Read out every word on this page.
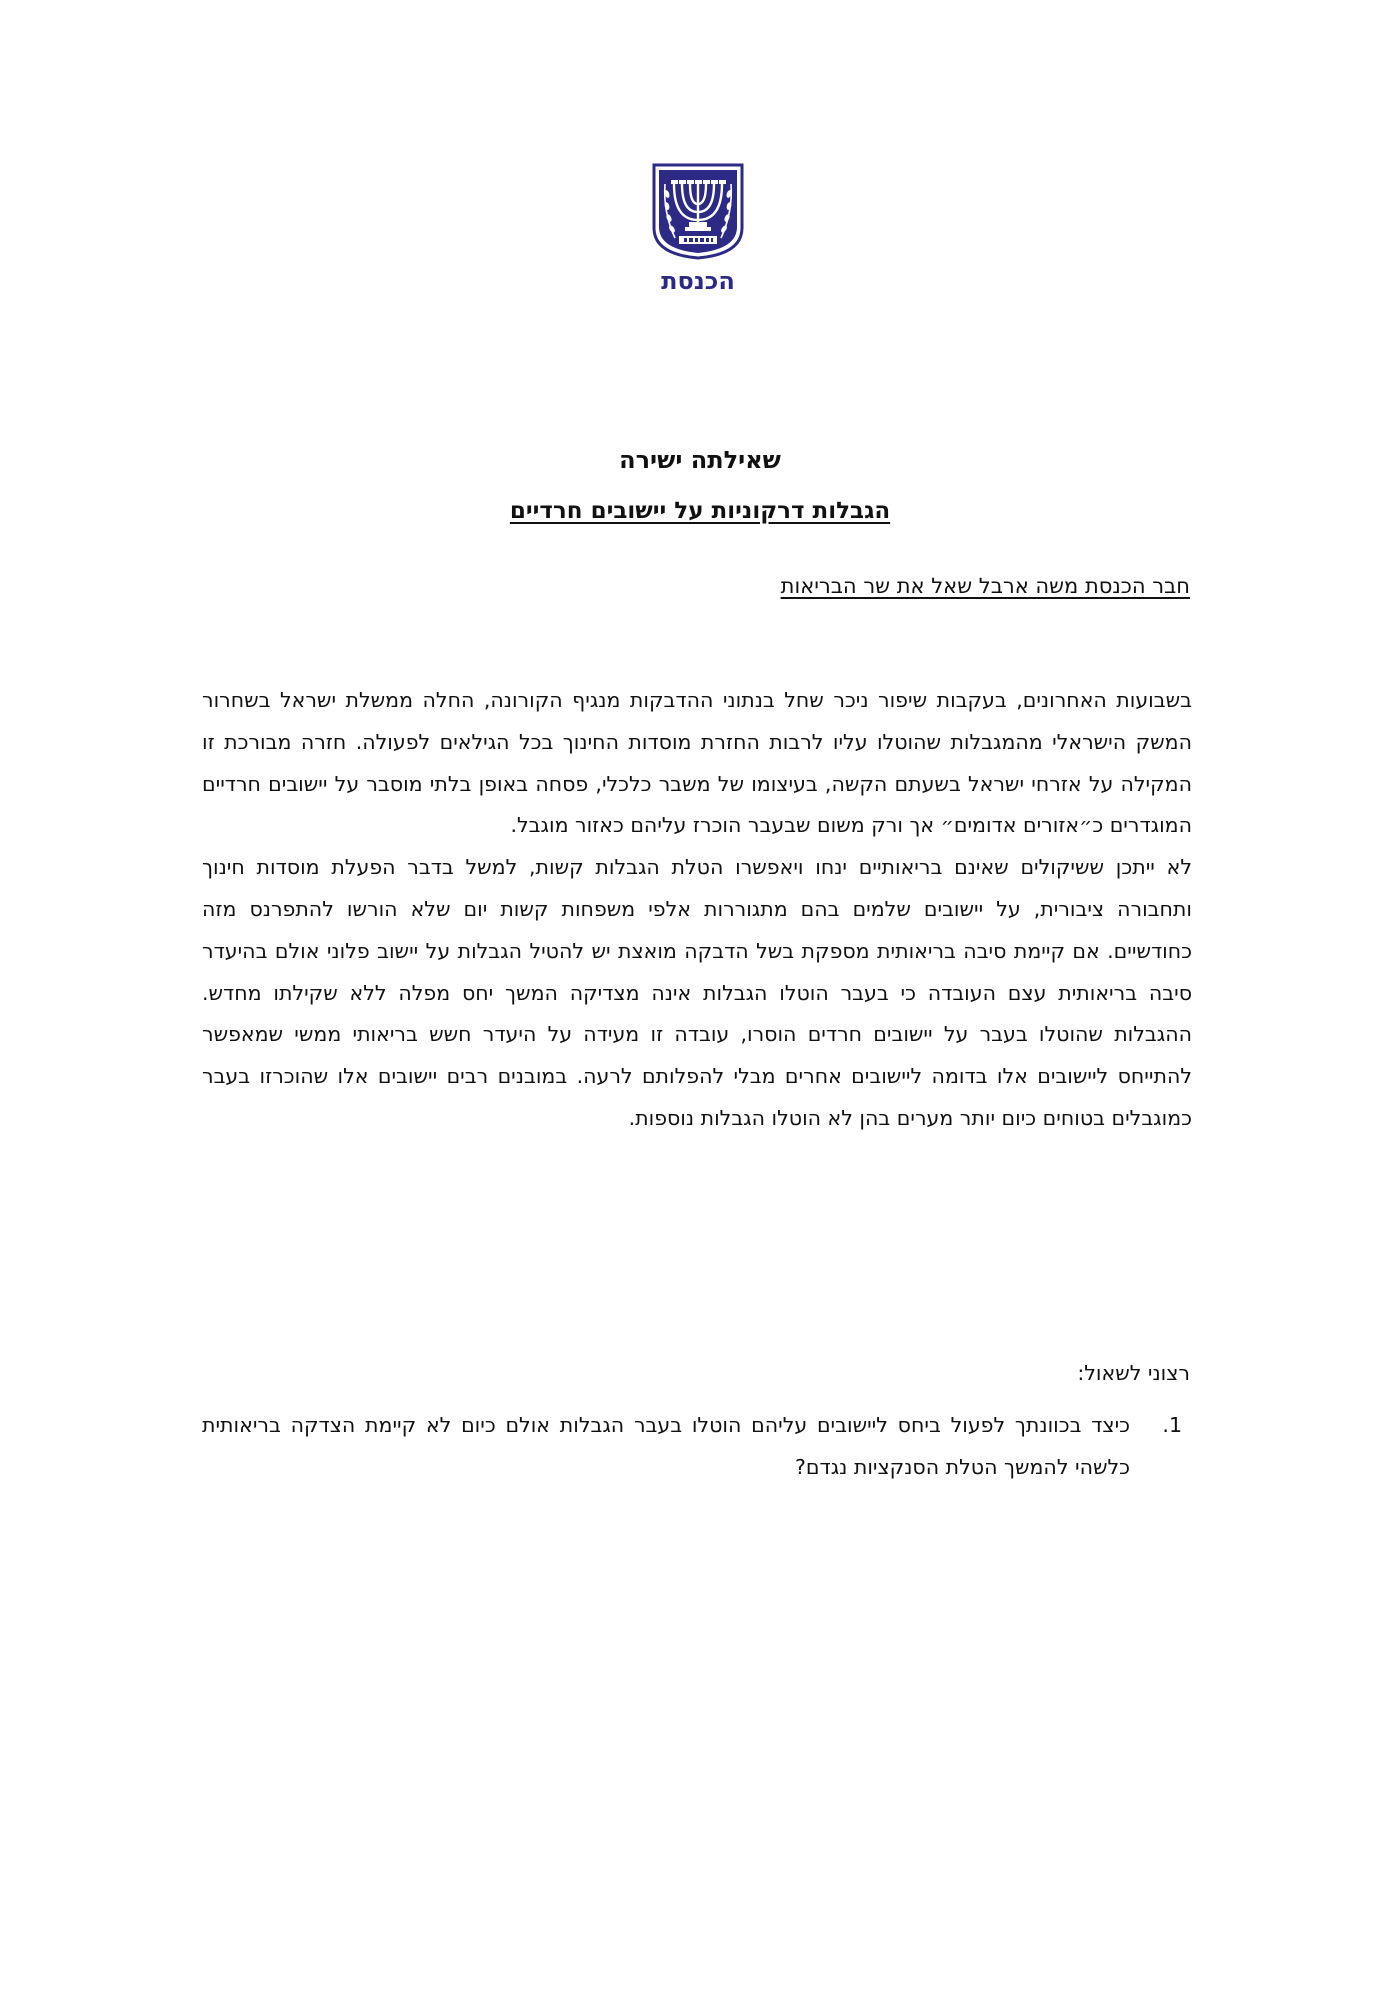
הכנסת
שאילתה ישירה
הגבלות דרקוניות על יישובים חרדיים
חבר הכנסת משה ארבל שאל את שר הבריאות

בשבועות האחרונים, בעקבות שיפור ניכר שחל בנתוני ההדבקות מנגיף הקורונה, החלה ממשלת ישראל בשחרור המשק הישראלי מהמגבלות שהוטלו עליו לרבות החזרת מוסדות החינוך בכל הגילאים לפעולה. חזרה מבורכת זו המקילה על אזרחי ישראל בשעתם הקשה, בעיצומו של משבר כלכלי, פסחה באופן בלתי מוסבר על יישובים חרדיים המוגדרים כ״אזורים אדומים״ אך ורק משום שבעבר הוכרז עליהם כאזור מוגבל.

לא ייתכן ששיקולים שאינם בריאותיים ינחו ויאפשרו הטלת הגבלות קשות, למשל בדבר הפעלת מוסדות חינוך ותחבורה ציבורית, על יישובים שלמים בהם מתגוררות אלפי משפחות קשות יום שלא הורשו להתפרנס מזה כחודשיים. אם קיימת סיבה בריאותית מספקת בשל הדבקה מואצת יש להטיל הגבלות על יישוב פלוני אולם בהיעדר סיבה בריאותית עצם העובדה כי בעבר הוטלו הגבלות אינה מצדיקה המשך יחס מפלה ללא שקילתו מחדש. ההגבלות שהוטלו בעבר על יישובים חרדים הוסרו, עובדה זו מעידה על היעדר חשש בריאותי ממשי שמאפשר להתייחס ליישובים אלו בדומה ליישובים אחרים מבלי להפלותם לרעה. במובנים רבים יישובים אלו שהוכרזו בעבר כמוגבלים בטוחים כיום יותר מערים בהן לא הוטלו הגבלות נוספות.

רצוני לשאול:
1.
כיצד בכוונתך לפעול ביחס ליישובים עליהם הוטלו בעבר הגבלות אולם כיום לא קיימת הצדקה בריאותית כלשהי להמשך הטלת הסנקציות נגדם?
